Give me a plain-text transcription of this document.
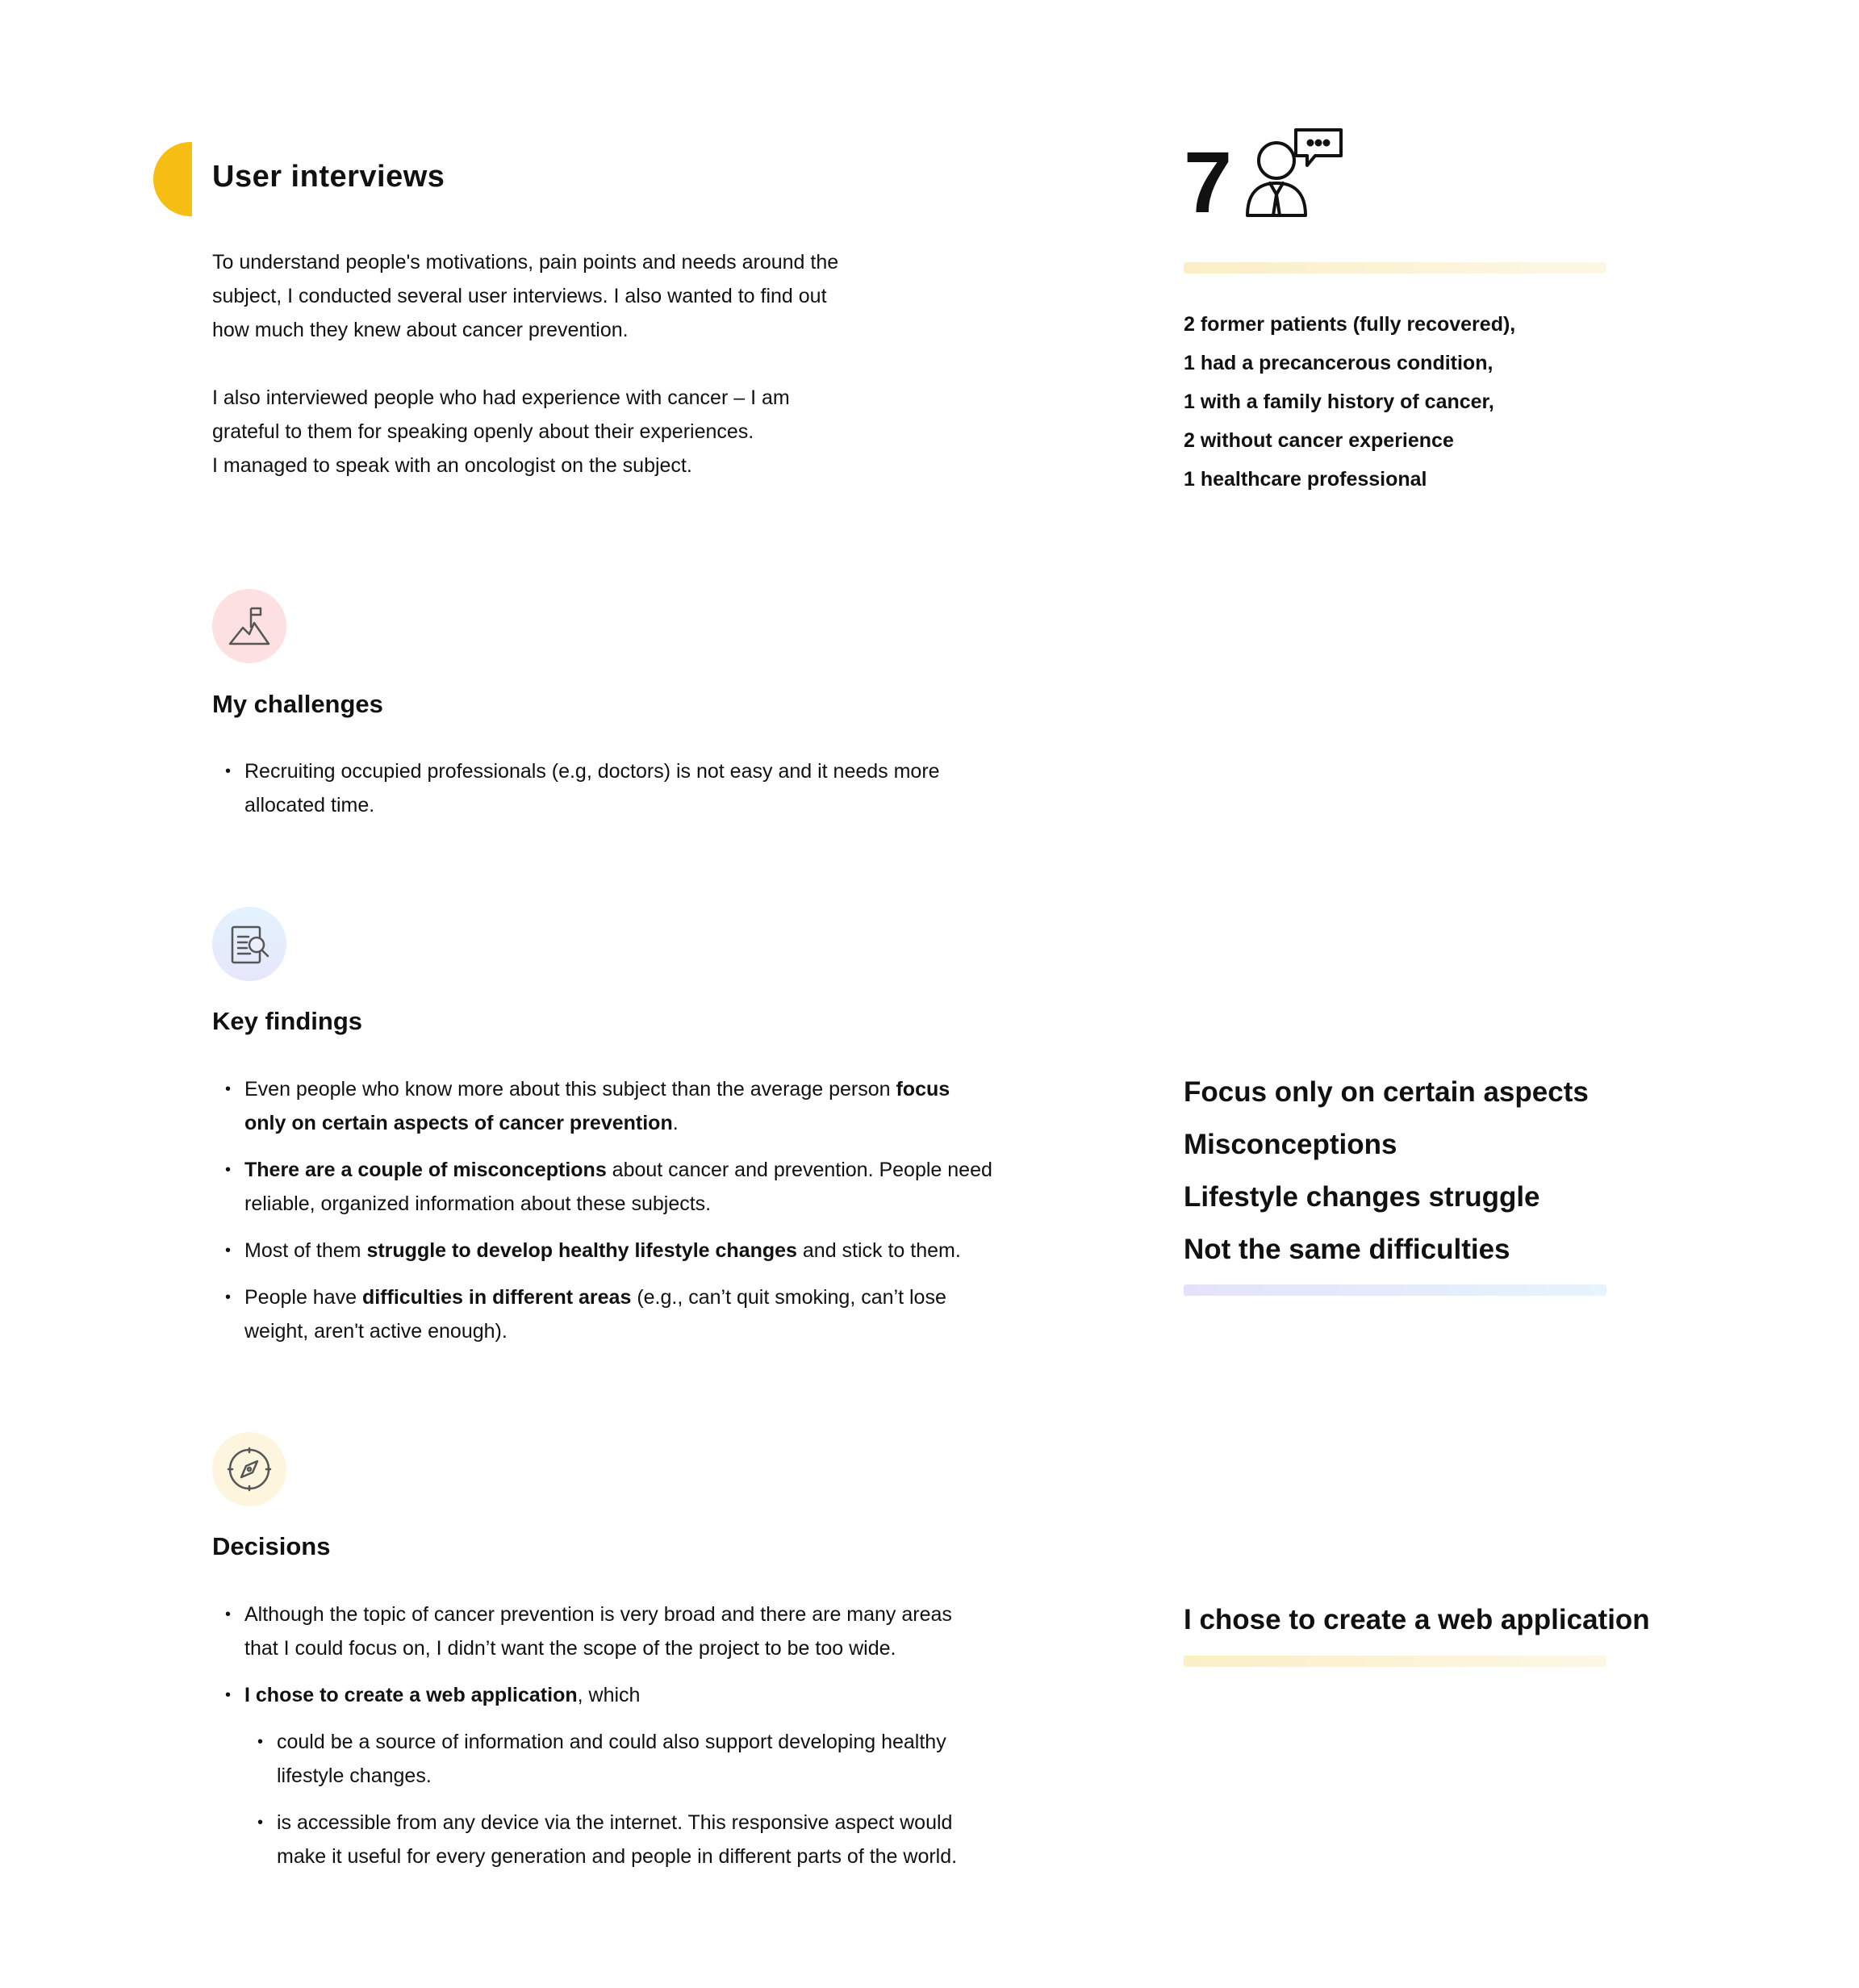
User interviews

To understand people's motivations, pain points and needs around the

subject, I conducted several user interviews. I also wanted to find out

how much they knew about cancer prevention.

I also interviewed people who had experience with cancer – I am

grateful to them for speaking openly about their experiences.

I managed to speak with an oncologist on the subject.

7
2 former patients (fully recovered),
1 had a precancerous condition,
1 with a family history of cancer,
2 without cancer experience
1 healthcare professional
My challenges
• Recruiting occupied professionals (e.g, doctors) is not easy and it needs more
allocated time.
Key findings
• Even people who know more about this subject than the average person focus
only on certain aspects of cancer prevention.
• There are a couple of misconceptions about cancer and prevention. People need
reliable, organized information about these subjects.
• Most of them struggle to develop healthy lifestyle changes and stick to them.
• People have difficulties in different areas (e.g., can’t quit smoking, can’t lose
weight, aren't active enough).
Focus only on certain aspects
Misconceptions
Lifestyle changes struggle
Not the same difficulties
Decisions
• Although the topic of cancer prevention is very broad and there are many areas
that I could focus on, I didn’t want the scope of the project to be too wide.
• I chose to create a web application, which
• could be a source of information and could also support developing healthy
lifestyle changes.
• is accessible from any device via the internet. This responsive aspect would
make it useful for every generation and people in different parts of the world.
I chose to create a web application
